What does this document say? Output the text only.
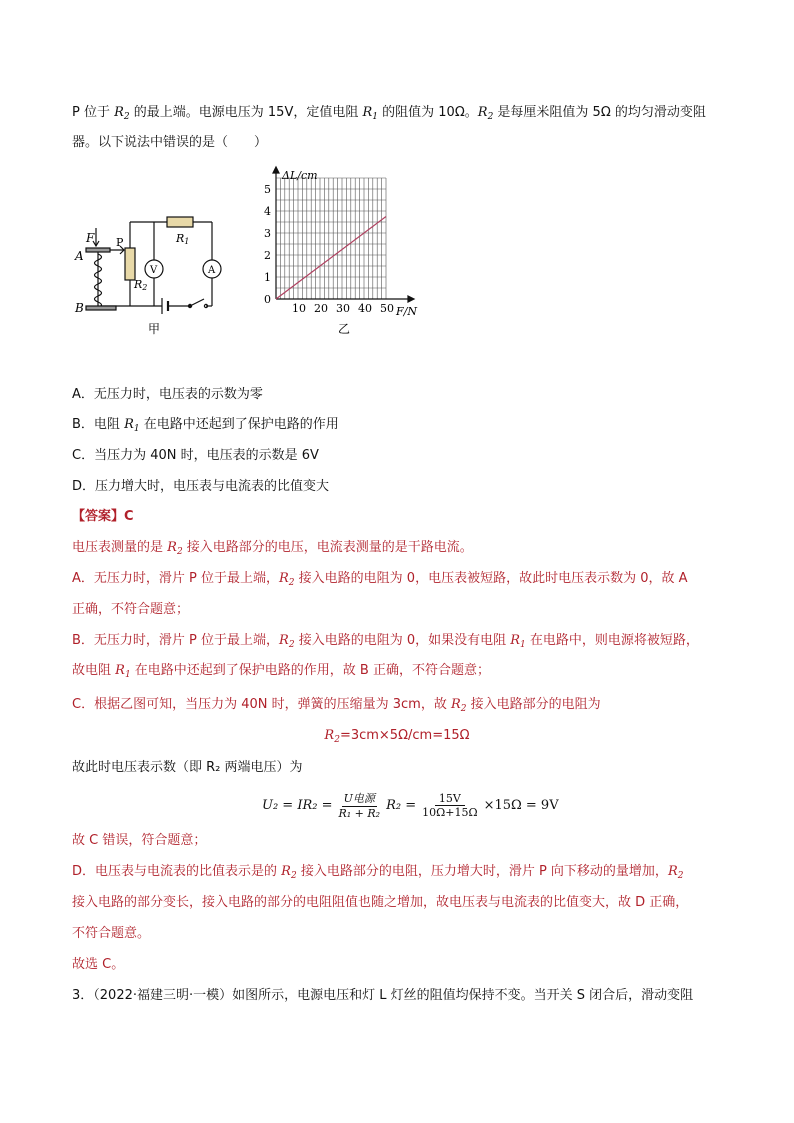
P 位于 $R_2$ 的最上端。电源电压为 15V，定值电阻 $R_1$ 的阻值为 10Ω。$R_2$ 是每厘米阻值为 5Ω 的均匀滑动变阻
器。以下说法中错误的是（　　）
F
A
B
P	R1
R2
V	A
甲
10 20 30 40 50
0
1
2
3
4
5
ΔL/cm
F/N
乙
A．无压力时，电压表的示数为零
B．电阻 $R_1$ 在电路中还起到了保护电路的作用
C．当压力为 40N 时，电压表的示数是 6V
D．压力增大时，电压表与电流表的比值变大
【答案】C
电压表测量的是 $R_2$ 接入电路部分的电压，电流表测量的是干路电流。
A．无压力时，滑片 P 位于最上端，$R_2$ 接入电路的电阻为 0，电压表被短路，故此时电压表示数为 0，故 A
正确，不符合题意；
B．无压力时，滑片 P 位于最上端，$R_2$ 接入电路的电阻为 0，如果没有电阻 $R_1$ 在电路中，则电源将被短路，
故电阻 $R_1$ 在电路中还起到了保护电路的作用，故 B 正确，不符合题意；
C．根据乙图可知，当压力为 40N 时，弹簧的压缩量为 3cm，故 $R_2$ 接入电路部分的电阻为
$R_2=3cm\times 5\Omega/cm=15\Omega$
故此时电压表示数（即 R₂ 两端电压）为
U₂ = IR₂ = U电源
R₁ + R₂
$R_2 = \frac{15V}{10\Omega+15\Omega} \times 15\Omega = 9V$
故 C 错误，符合题意；
D．电压表与电流表的比值表示是的 $R_2$ 接入电路部分的电阻，压力增大时，滑片 P 向下移动的量增加，$R_2$
接入电路的部分变长，接入电路的部分的电阻阻值也随之增加，故电压表与电流表的比值变大，故 D 正确，
不符合题意。
故选 C。
3．（2022·福建三明·一模）如图所示，电源电压和灯 L 灯丝的阻值均保持不变。当开关 S 闭合后，滑动变阻
